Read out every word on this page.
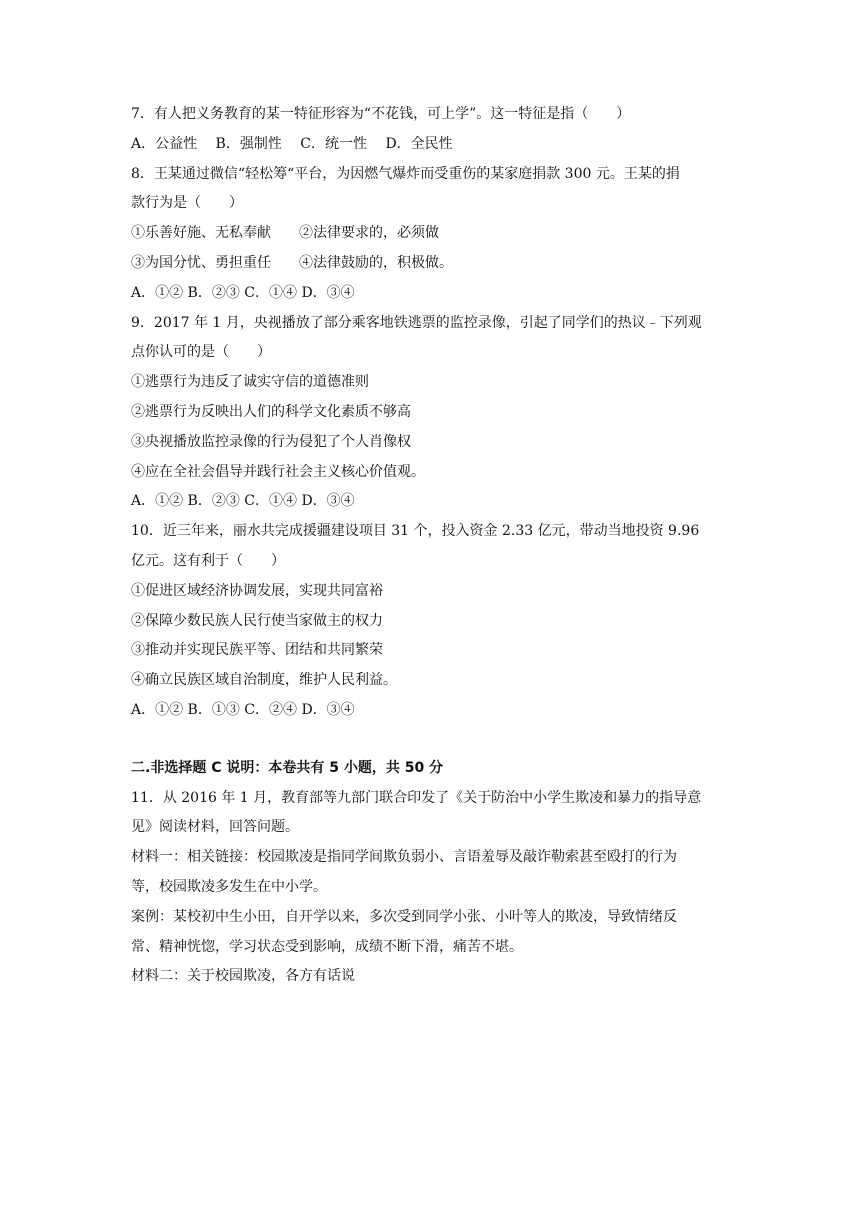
7．有人把义务教育的某一特征形容为“不花钱，可上学”。这一特征是指（　　）
A．公益性　 B．强制性　 C．统一性　 D．全民性
8．王某通过微信“轻松筹“平台，为因燃气爆炸而受重伤的某家庭捐款 300 元。王某的捐
款行为是（　　）
①乐善好施、无私奉献　　②法律要求的，必须做
③为国分忧、勇担重任　　④法律鼓励的，积极做。
A．①② B．②③ C．①④ D．③④
9．2017 年 1 月，央视播放了部分乘客地铁逃票的监控录像，引起了同学们的热议﹣下列观
点你认可的是（　　）
①逃票行为违反了诚实守信的道德准则
②逃票行为反映出人们的科学文化素质不够高
③央视播放监控录像的行为侵犯了个人肖像权
④应在全社会倡导并践行社会主义核心价值观。
A．①② B．②③ C．①④ D．③④
10．近三年来，丽水共完成援疆建设项目 31 个，投入资金 2.33 亿元，带动当地投资 9.96
亿元。这有利于（　　）
①促进区域经济协调发展，实现共同富裕
②保障少数民族人民行使当家做主的权力
③推动并实现民族平等、团结和共同繁荣
④确立民族区域自治制度，维护人民利益。
A．①② B．①③ C．②④ D．③④
二.非选择题 C 说明：本卷共有 5 小题，共 50 分
11．从 2016 年 1 月，教育部等九部门联合印发了《关于防治中小学生欺凌和暴力的指导意
见》阅读材料，回答问题。
材料一：相关链接：校园欺凌是指同学间欺负弱小、言语羞辱及敲诈勒索甚至殴打的行为
等，校园欺凌多发生在中小学。
案例：某校初中生小田，自开学以来，多次受到同学小张、小叶等人的欺凌，导致情绪反
常、精神恍惚，学习状态受到影响，成绩不断下滑，痛苦不堪。
材料二：关于校园欺凌，各方有话说
